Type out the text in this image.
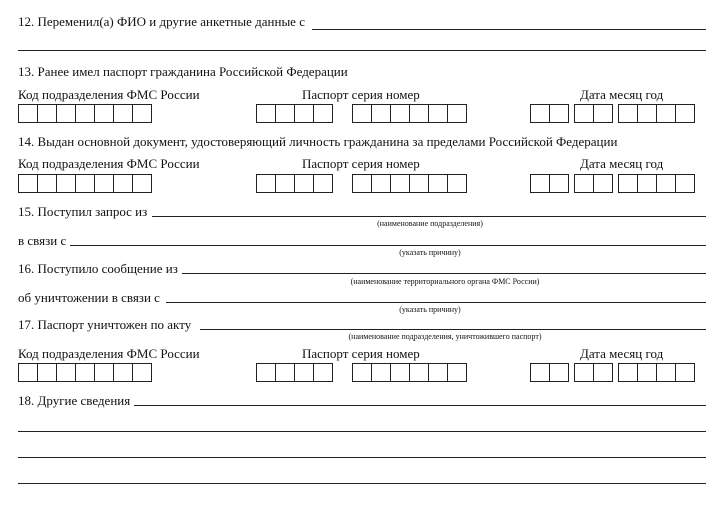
12. Переменил(а) ФИО и другие анкетные данные с
13. Ранее имел паспорт гражданина Российской Федерации
Код подразделения ФМС России	Паспорт серия номер	Дата месяц год
14. Выдан основной документ, удостоверяющий личность гражданина за пределами Российской Федерации
Код подразделения ФМС России	Паспорт серия номер	Дата месяц год
15. Поступил запрос из
(наименование подразделения)
в связи с
(указать причину)
16. Поступило сообщение из
(наименование территориального органа ФМС России)
об уничтожении в связи с
(указать причину)
17. Паспорт уничтожен по акту
(наименование подразделения, уничтожившего паспорт)
Код подразделения ФМС России	Паспорт серия номер	Дата месяц год
18. Другие сведения
